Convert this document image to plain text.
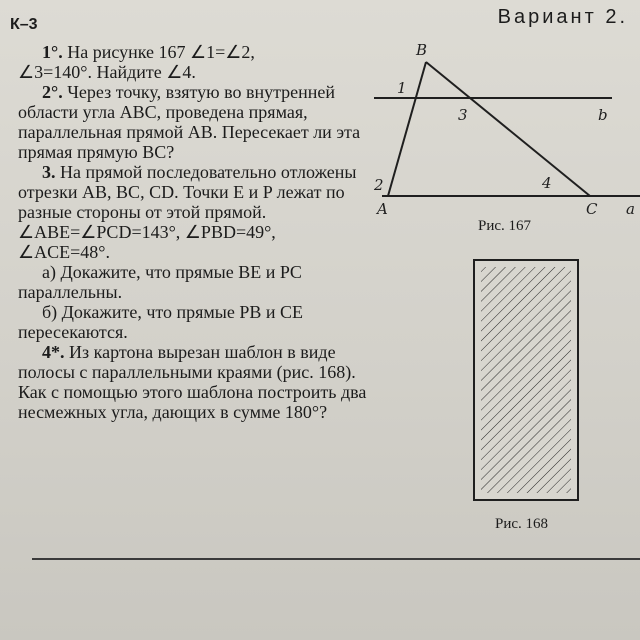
К–3	Вариант 2.

1°. На рисунке 167 ∠1=∠2,
∠3=140°. Найдите ∠4.

2°. Через точку, взятую во внутренней области угла ABC, проведена прямая, параллельная прямой AB. Пересекает ли эта прямая прямую BC?

3. На прямой последовательно отложены отрезки AB, BC, CD. Точки E и P лежат по разные стороны от этой прямой. ∠ABE=∠PCD=143°, ∠PBD=49°, ∠ACE=48°.

а) Докажите, что прямые BE и PC параллельны.

б) Докажите, что прямые PB и CE пересекаются.

4*. Из картона вырезан шаблон в виде полосы с параллельными краями (рис. 168). Как с помощью этого шаблона построить два несмежных угла, дающих в сумме 180°?

B
A	C a
b
1
2
3
4
Рис. 167
Рис. 168
